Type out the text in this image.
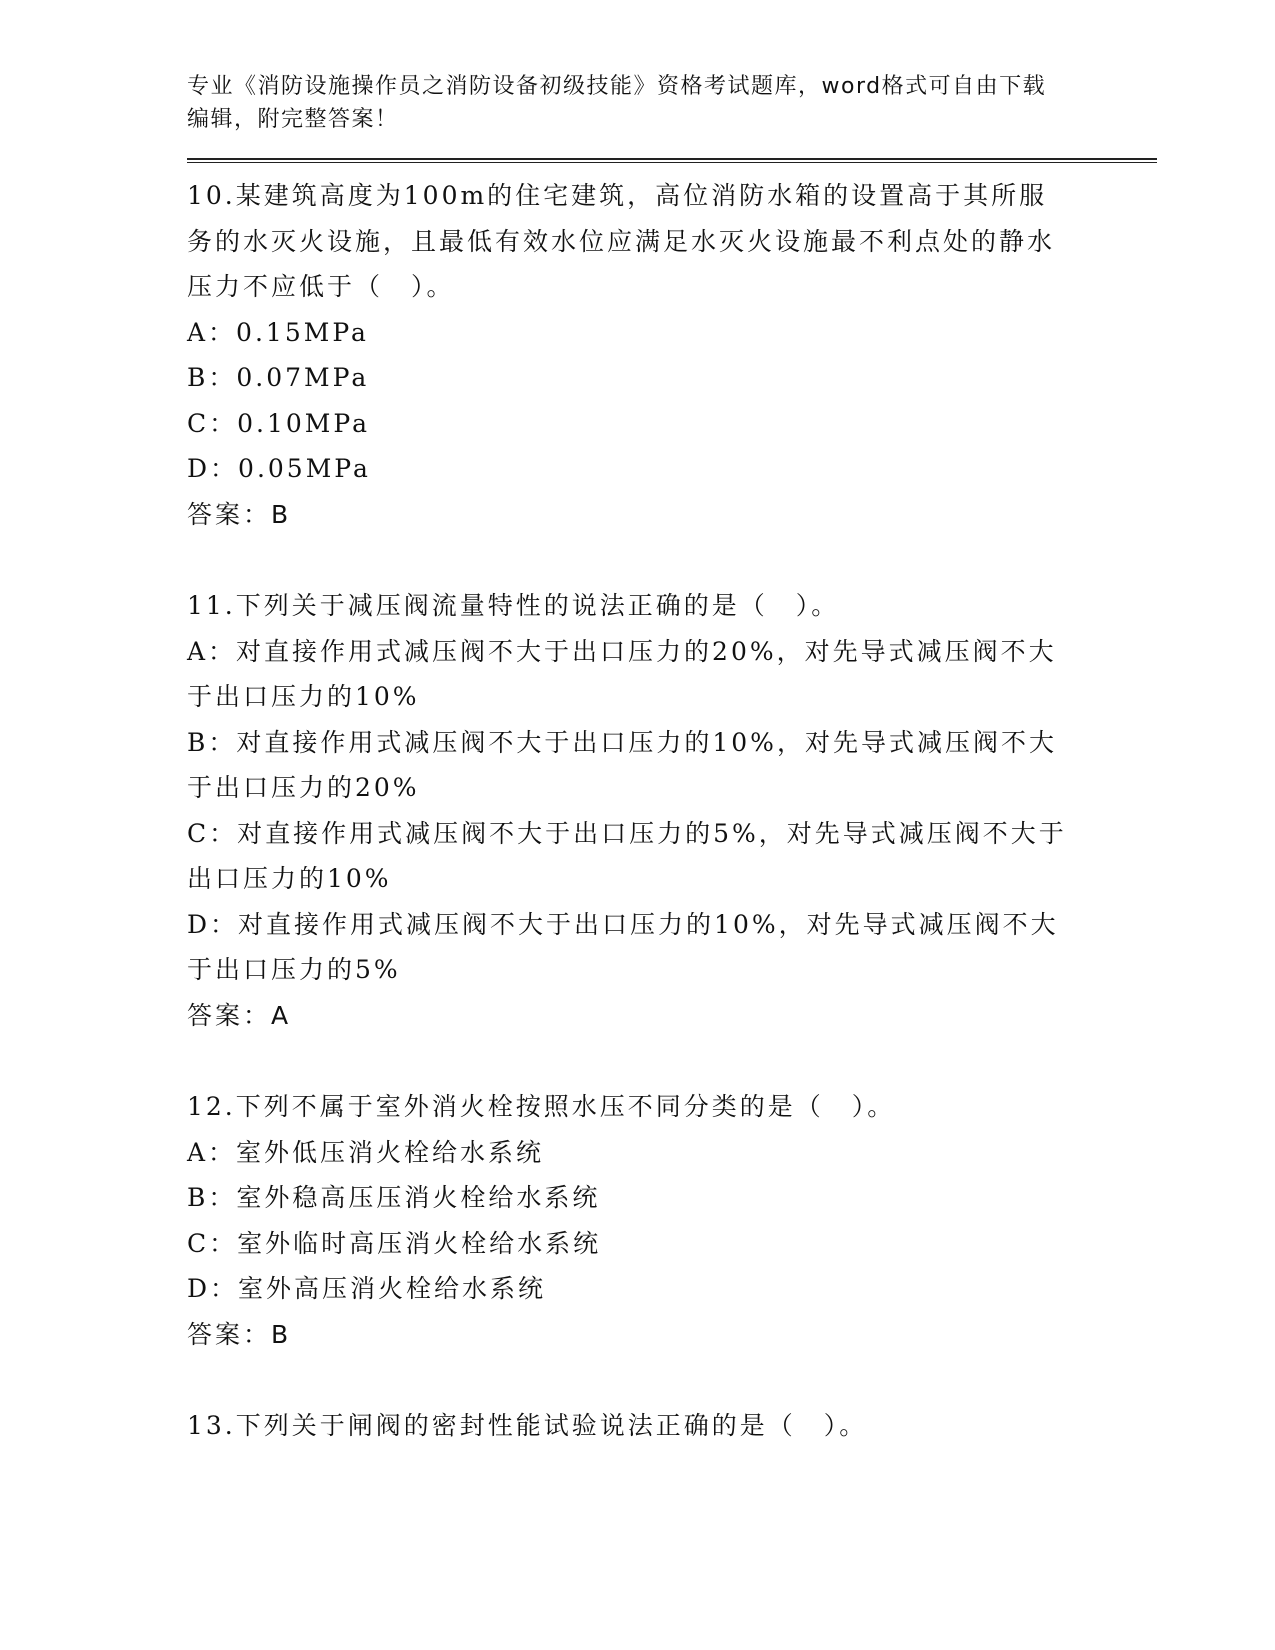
专业《消防设施操作员之消防设备初级技能》资格考试题库，word格式可自由下载编辑，附完整答案！
10.某建筑高度为100m的住宅建筑，高位消防水箱的设置高于其所服务的水灭火设施，且最低有效水位应满足水灭火设施最不利点处的静水压力不应低于（　）。
A：0.15MPa
B：0.07MPa
C：0.10MPa
D：0.05MPa
答案：B
11.下列关于减压阀流量特性的说法正确的是（　）。
A：对直接作用式减压阀不大于出口压力的20%，对先导式减压阀不大于出口压力的10%
B：对直接作用式减压阀不大于出口压力的10%，对先导式减压阀不大于出口压力的20%
C：对直接作用式减压阀不大于出口压力的5%，对先导式减压阀不大于出口压力的10%
D：对直接作用式减压阀不大于出口压力的10%，对先导式减压阀不大于出口压力的5%
答案：A
12.下列不属于室外消火栓按照水压不同分类的是（　）。
A：室外低压消火栓给水系统
B：室外稳高压压消火栓给水系统
C：室外临时高压消火栓给水系统
D：室外高压消火栓给水系统
答案：B
13.下列关于闸阀的密封性能试验说法正确的是（　）。
